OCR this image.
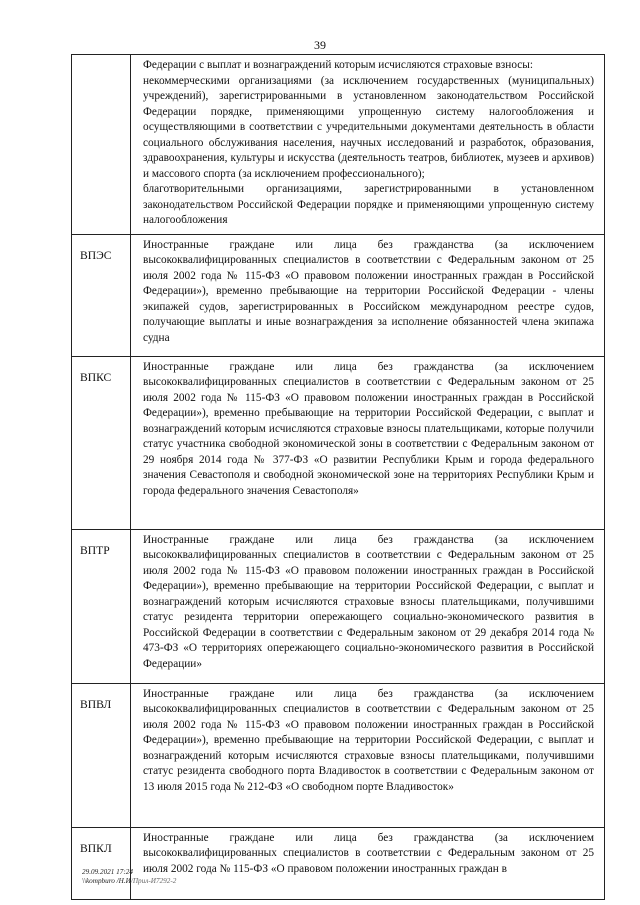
39

	Федерации с выплат и вознаграждений которым исчисляются страховые взносы:

некоммерческими организациями (за исключением государственных (муниципальных) учреждений), зарегистрированными в установленном законодательством Российской Федерации порядке, применяющими упрощенную систему налогообложения и осуществляющими в соответствии с учредительными документами деятельность в области социального обслуживания населения, научных исследований и разработок, образования, здравоохранения, культуры и искусства (деятельность театров, библиотек, музеев и архивов) и массового спорта (за исключением профессионального);

благотворительными организациями, зарегистрированными в установленном законодательством Российской Федерации порядке и применяющими упрощенную систему налогообложения

ВПЭС	Иностранные граждане или лица без гражданства (за исключением высококвалифицированных специалистов в соответствии с Федеральным законом от 25 июля 2002 года № 115-ФЗ «О правовом положении иностранных граждан в Российской Федерации»), временно пребывающие на территории Российской Федерации - члены экипажей судов, зарегистрированных в Российском международном реестре судов, получающие выплаты и иные вознаграждения за исполнение обязанностей члена экипажа судна

ВПКС	Иностранные граждане или лица без гражданства (за исключением высококвалифицированных специалистов в соответствии с Федеральным законом от 25 июля 2002 года № 115-ФЗ «О правовом положении иностранных граждан в Российской Федерации»), временно пребывающие на территории Российской Федерации, с выплат и вознаграждений которым исчисляются страховые взносы плательщиками, которые получили статус участника свободной экономической зоны в соответствии с Федеральным законом от 29 ноября 2014 года № 377-ФЗ «О развитии Республики Крым и города федерального значения Севастополя и свободной экономической зоне на территориях Республики Крым и города федерального значения Севастополя»

ВПТР	Иностранные граждане или лица без гражданства (за исключением высококвалифицированных специалистов в соответствии с Федеральным законом от 25 июля 2002 года № 115-ФЗ «О правовом положении иностранных граждан в Российской Федерации»), временно пребывающие на территории Российской Федерации, с выплат и вознаграждений которым исчисляются страховые взносы плательщиками, получившими статус резидента территории опережающего социально-экономического развития в Российской Федерации в соответствии с Федеральным законом от 29 декабря 2014 года № 473-ФЗ «О территориях опережающего социально-экономического развития в Российской Федерации»

ВПВЛ	Иностранные граждане или лица без гражданства (за исключением высококвалифицированных специалистов в соответствии с Федеральным законом от 25 июля 2002 года № 115-ФЗ «О правовом положении иностранных граждан в Российской Федерации»), временно пребывающие на территории Российской Федерации, с выплат и вознаграждений которым исчисляются страховые взносы плательщиками, получившими статус резидента свободного порта Владивосток в соответствии с Федеральным законом от 13 июля 2015 года № 212-ФЗ «О свободном порте Владивосток»

ВПКЛ	Иностранные граждане или лица без гражданства (за исключением высококвалифицированных специалистов в соответствии с Федеральным законом от 25 июля 2002 года № 115-ФЗ «О правовом положении иностранных граждан в

29.09.2021 17:24
\\kompburo /Н.И/Прил-И7292-2
